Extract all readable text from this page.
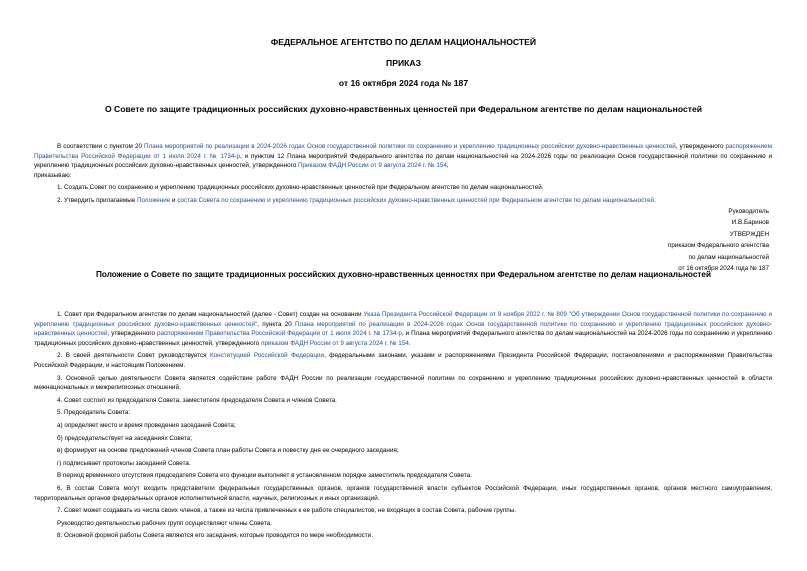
ФЕДЕРАЛЬНОЕ АГЕНТСТВО ПО ДЕЛАМ НАЦИОНАЛЬНОСТЕЙ
ПРИКАЗ
от 16 октября 2024 года № 187
О Совете по защите традиционных российских духовно-нравственных ценностей при Федеральном агентстве по делам национальностей

В соответствии с пунктом 20 Плана мероприятий по реализации в 2024-2026 годах Основ государственной политики по сохранению и укреплению традиционных российских духовно-нравственных ценностей, утвержденного распоряжением Правительства Российской Федерации от 1 июля 2024 г. № 1734-р, и пунктом 12 Плана мероприятий Федерального агентства по делам национальностей на 2024-2026 годы по реализации Основ государственной политики по сохранению и укреплению традиционных российских духовно-нравственных ценностей, утвержденного Приказом ФАДН России от 9 августа 2024 г. № 154,

приказываю:

1. Создать Совет по сохранению и укреплению традиционных российских духовно-нравственных ценностей при Федеральном агентстве по делам национальностей.

2. Утвердить прилагаемые Положение и состав Совета по сохранению и укреплению традиционных российских духовно-нравственных ценностей при Федеральном агентстве по делам национальностей.

Руководитель
И.В.Баринов
УТВЕРЖДЕН
приказом Федерального агентства
по делам национальностей
от 16 октября 2024 года № 187
Положение о Совете по защите традиционных российских духовно-нравственных ценностях при Федеральном агентстве по делам национальностей

1. Совет при Федеральном агентстве по делам национальностей (далее - Совет) создан на основании Указа Президента Российской Федерации от 9 ноября 2022 г. № 809 "Об утверждении Основ государственной политики по сохранению и укреплению традиционных российских духовно-нравственных ценностей", пункта 20 Плана мероприятий по реализации в 2024-2026 годах Основ государственной политики по сохранению и укреплению традиционных российских духовно-нравственных ценностей, утвержденного распоряжением Правительства Российской Федерации от 1 июля 2024 г. № 1734-р, и Плана мероприятий Федерального агентства по делам национальностей на 2024-2026 годы по сохранению и укреплению традиционных российских духовно-нравственных ценностей, утвержденного приказом ФАДН России от 9 августа 2024 г. № 154.

2. В своей деятельности Совет руководствуется Конституцией Российской Федерации, федеральными законами, указами и распоряжениями Президента Российской Федерации, постановлениями и распоряжениями Правительства Российской Федерации, и настоящим Положением.

3. Основной целью деятельности Совета является содействие работе ФАДН России по реализации государственной политики по сохранению и укреплению традиционных российских духовно-нравственных ценностей в области межнациональных и межрелигиозных отношений.

4. Совет состоит из председателя Совета, заместителя председателя Совета и членов Совета.

5. Председатель Совета:

а) определяет место и время проведения заседаний Совета;

б) председательствует на заседаниях Совета;

в) формирует на основе предложений членов Совета план работы Совета и повестку дня ее очередного заседания;

г) подписывает протоколы заседаний Совета.

В период временного отсутствия председателя Совета его функции выполняет в установленном порядке заместитель председателя Совета.

6. В состав Совета могут входить представители федеральных государственных органов, органов государственной власти субъектов Российской Федерации, иных государственных органов, органов местного самоуправления, территориальных органов федеральных органов исполнительной власти, научных, религиозных и иных организаций.

7. Совет может создавать из числа своих членов, а также из числа привлеченных к ее работе специалистов, не входящих в состав Совета, рабочие группы.

Руководство деятельностью рабочих групп осуществляют члены Совета.

8. Основной формой работы Совета являются его заседания, которые проводятся по мере необходимости.
